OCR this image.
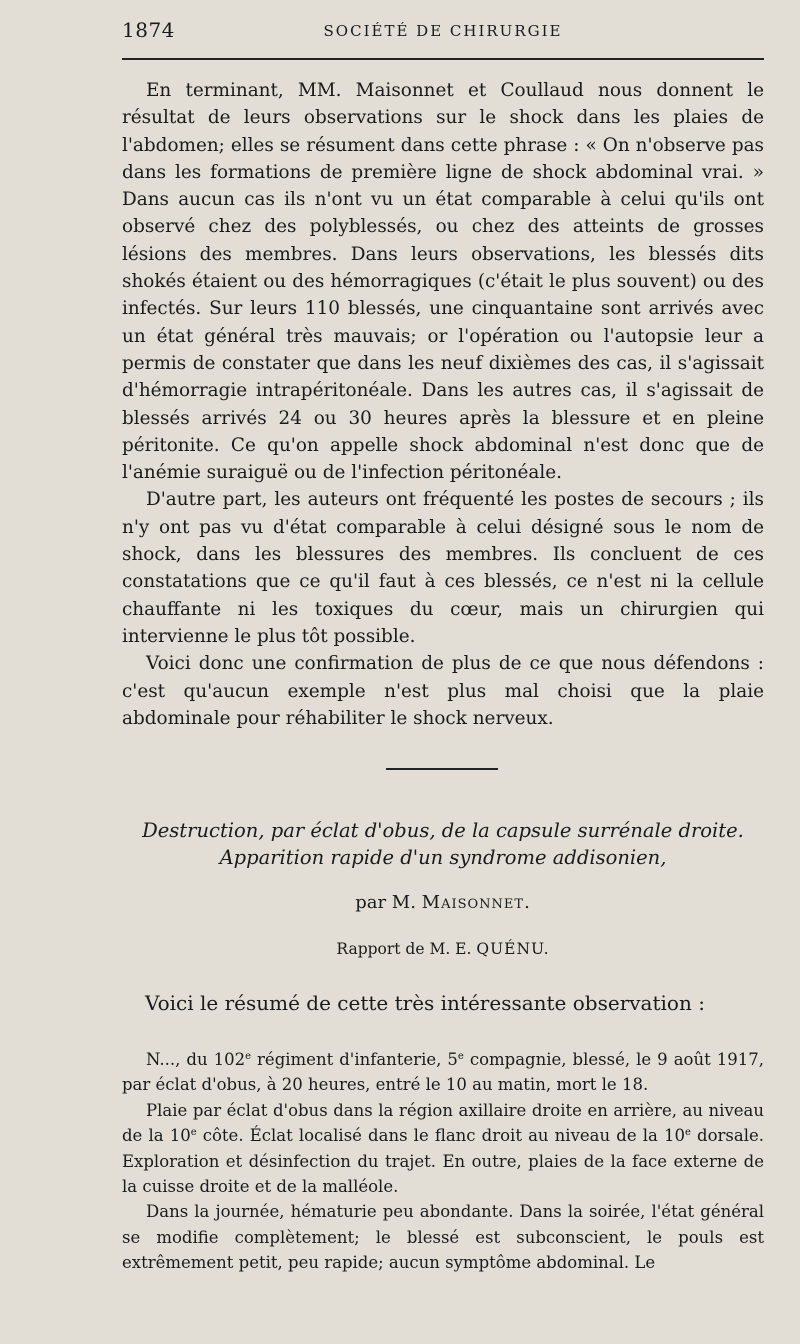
1874	SOCIÉTÉ DE CHIRURGIE

En terminant, MM. Maisonnet et Coullaud nous donnent le résultat de leurs observations sur le shock dans les plaies de l'abdomen; elles se résument dans cette phrase : « On n'observe pas dans les formations de première ligne de shock abdominal vrai. » Dans aucun cas ils n'ont vu un état comparable à celui qu'ils ont observé chez des polyblessés, ou chez des atteints de grosses lésions des membres. Dans leurs observations, les blessés dits shokés étaient ou des hémorragiques (c'était le plus souvent) ou des infectés. Sur leurs 110 blessés, une cinquantaine sont arrivés avec un état général très mauvais; or l'opération ou l'autopsie leur a permis de constater que dans les neuf dixièmes des cas, il s'agissait d'hémorragie intrapéritonéale. Dans les autres cas, il s'agissait de blessés arrivés 24 ou 30 heures après la blessure et en pleine péritonite. Ce qu'on appelle shock abdominal n'est donc que de l'anémie suraiguë ou de l'infection péritonéale.

D'autre part, les auteurs ont fréquenté les postes de secours ; ils n'y ont pas vu d'état comparable à celui désigné sous le nom de shock, dans les blessures des membres. Ils concluent de ces constatations que ce qu'il faut à ces blessés, ce n'est ni la cellule chauffante ni les toxiques du cœur, mais un chirurgien qui intervienne le plus tôt possible.

Voici donc une confirmation de plus de ce que nous défendons : c'est qu'aucun exemple n'est plus mal choisi que la plaie abdominale pour réhabiliter le shock nerveux.

Destruction, par éclat d'obus, de la capsule surrénale droite.
Apparition rapide d'un syndrome addisonien,
par M. Maisonnet.
Rapport de M. E. QUÉNU.
Voici le résumé de cette très intéressante observation :

N..., du 102e régiment d'infanterie, 5e compagnie, blessé, le 9 août 1917, par éclat d'obus, à 20 heures, entré le 10 au matin, mort le 18.

Plaie par éclat d'obus dans la région axillaire droite en arrière, au niveau de la 10e côte. Éclat localisé dans le flanc droit au niveau de la 10e dorsale. Exploration et désinfection du trajet. En outre, plaies de la face externe de la cuisse droite et de la malléole.

Dans la journée, hématurie peu abondante. Dans la soirée, l'état général se modifie complètement; le blessé est subconscient, le pouls est extrêmement petit, peu rapide; aucun symptôme abdominal. Le
